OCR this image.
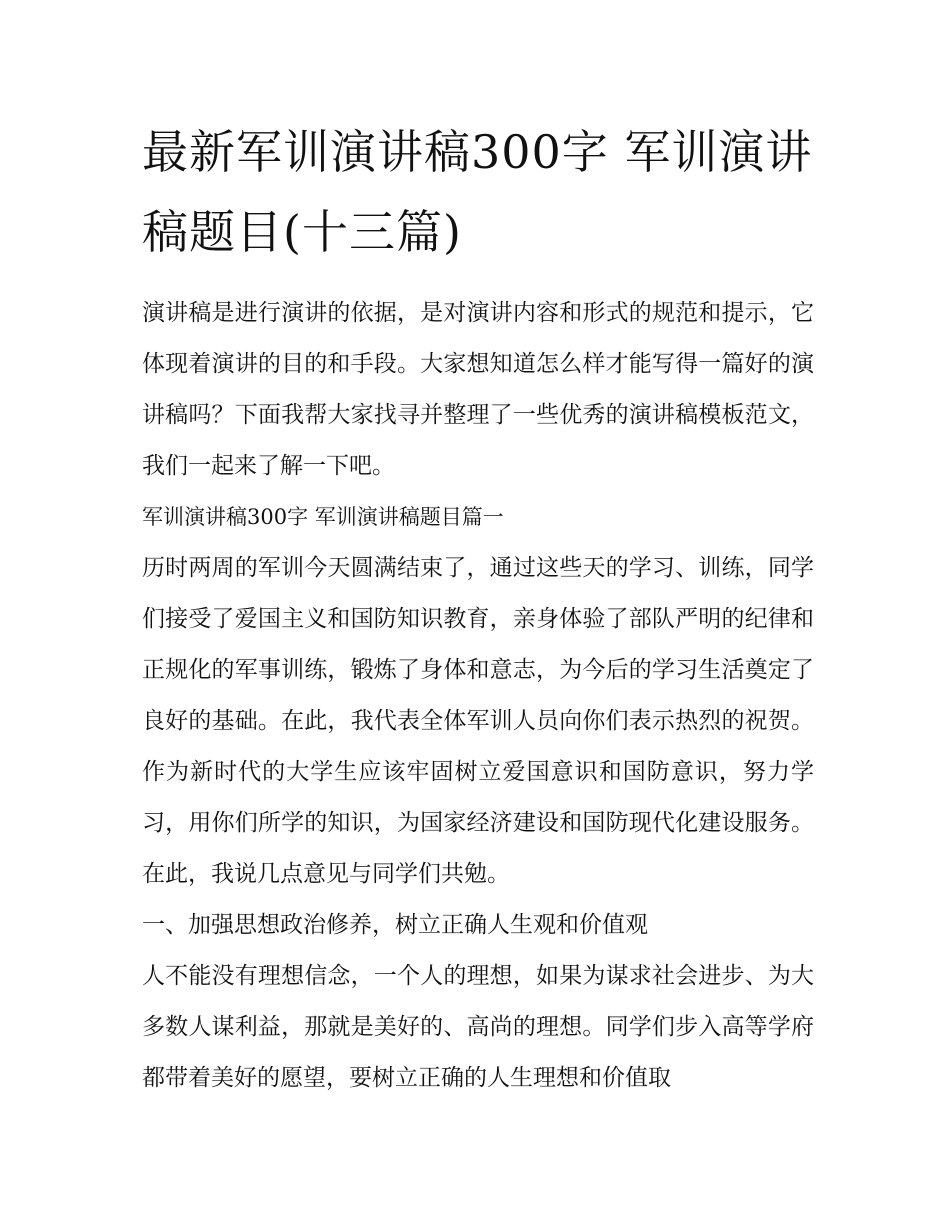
最新军训演讲稿300字 军训演讲稿题目(十三篇)

演讲稿是进行演讲的依据，是对演讲内容和形式的规范和提示，它体现着演讲的目的和手段。大家想知道怎么样才能写得一篇好的演讲稿吗？下面我帮大家找寻并整理了一些优秀的演讲稿模板范文，我们一起来了解一下吧。

军训演讲稿300字 军训演讲稿题目篇一

历时两周的军训今天圆满结束了，通过这些天的学习、训练，同学们接受了爱国主义和国防知识教育，亲身体验了部队严明的纪律和正规化的军事训练，锻炼了身体和意志，为今后的学习生活奠定了良好的基础。在此，我代表全体军训人员向你们表示热烈的祝贺。作为新时代的大学生应该牢固树立爱国意识和国防意识，努力学习，用你们所学的知识，为国家经济建设和国防现代化建设服务。在此，我说几点意见与同学们共勉。

一、加强思想政治修养，树立正确人生观和价值观

人不能没有理想信念，一个人的理想，如果为谋求社会进步、为大多数人谋利益，那就是美好的、高尚的理想。同学们步入高等学府都带着美好的愿望，要树立正确的人生理想和价值取
